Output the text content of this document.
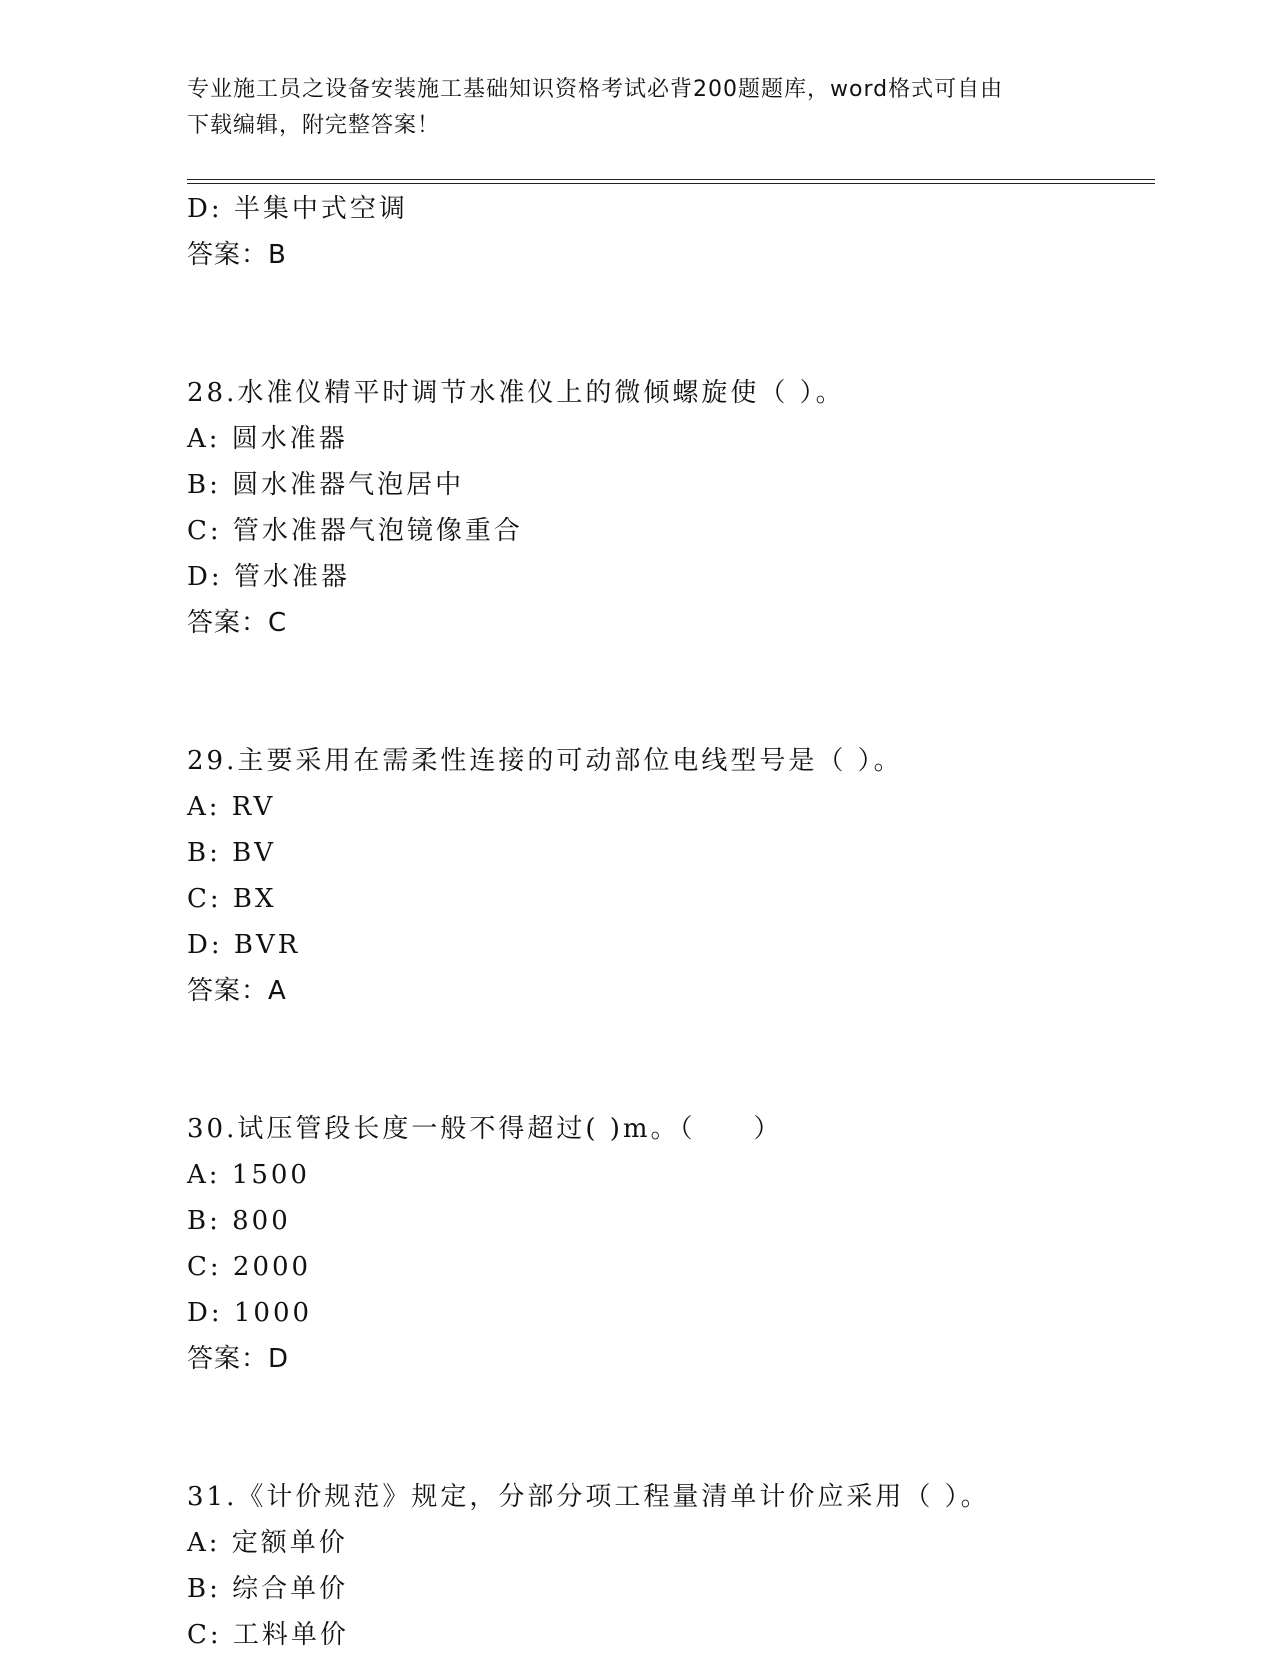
专业施工员之设备安装施工基础知识资格考试必背200题题库，word格式可自由
下载编辑，附完整答案！
D: 半集中式空调
答案：B
28.水准仪精平时调节水准仪上的微倾螺旋使（ ）。
A: 圆水准器
B: 圆水准器气泡居中
C: 管水准器气泡镜像重合
D: 管水准器
答案：C
29.主要采用在需柔性连接的可动部位电线型号是（ ）。
A: RV
B: BV
C: BX
D: BVR
答案：A
30.试压管段长度一般不得超过( )m。（　　）
A: 1500
B: 800
C: 2000
D: 1000
答案：D
31.《计价规范》规定，分部分项工程量清单计价应采用（ ）。
A: 定额单价
B: 综合单价
C: 工料单价
